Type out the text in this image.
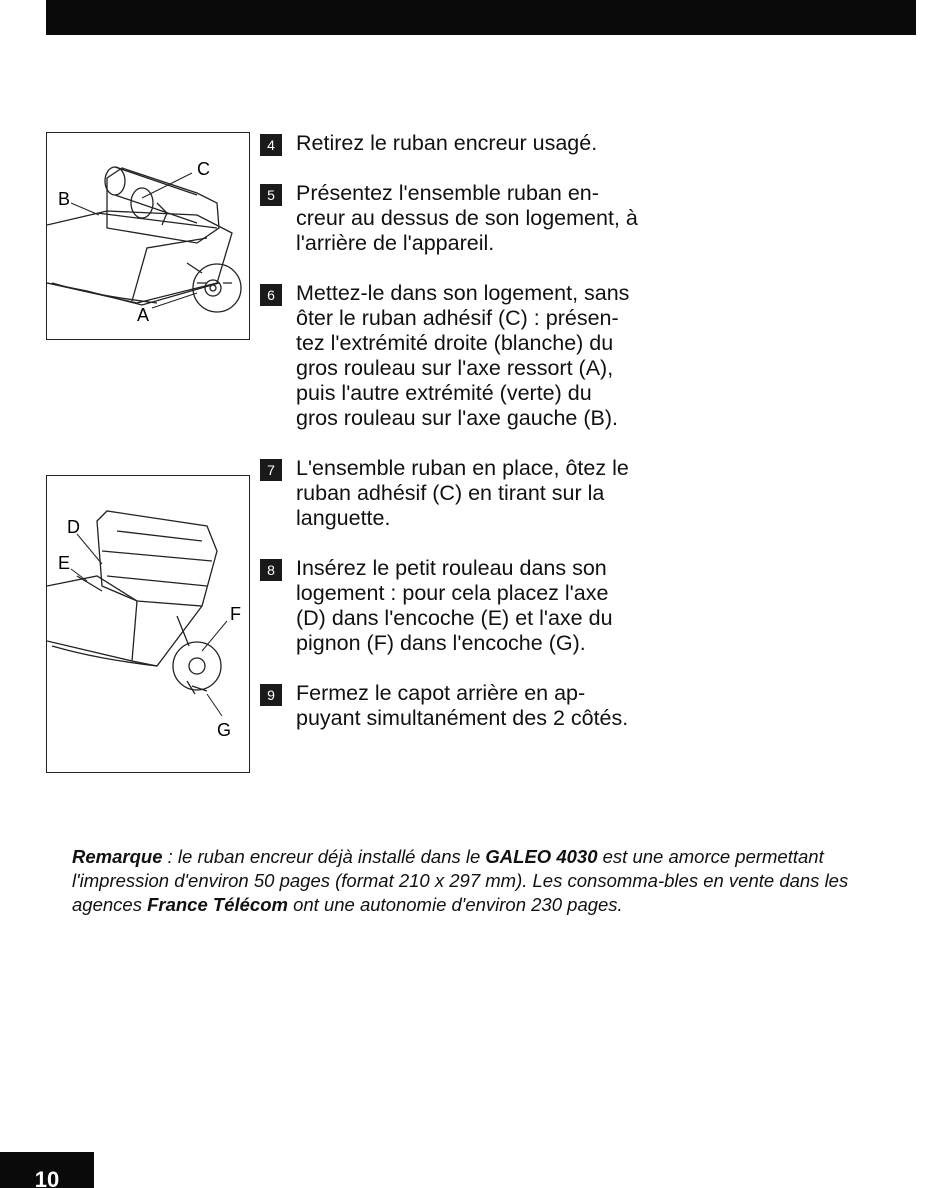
B
C
A
D
E
F
G

4 Retirez le ruban encreur usagé.

5 Présentez l'ensemble ruban en-
creur au dessus de son logement, à
l'arrière de l'appareil.

6 Mettez-le dans son logement, sans
ôter le ruban adhésif (C) : présen-
tez l'extrémité droite (blanche) du
gros rouleau sur l'axe ressort (A),
puis l'autre extrémité (verte) du
gros rouleau sur l'axe gauche (B).

7 L'ensemble ruban en place, ôtez le
ruban adhésif (C) en tirant sur la
languette.

8 Insérez le petit rouleau dans son
logement : pour cela placez l'axe
(D) dans l'encoche (E) et l'axe du
pignon (F) dans l'encoche (G).

9 Fermez le capot arrière en ap-
puyant simultanément des 2 côtés.

Remarque : le ruban encreur déjà installé dans le GALEO 4030 est une amorce permettant l'impression d'environ 50 pages (format 210 x 297 mm). Les consomma-bles en vente dans les agences France Télécom ont une autonomie d'environ 230 pages.

10
